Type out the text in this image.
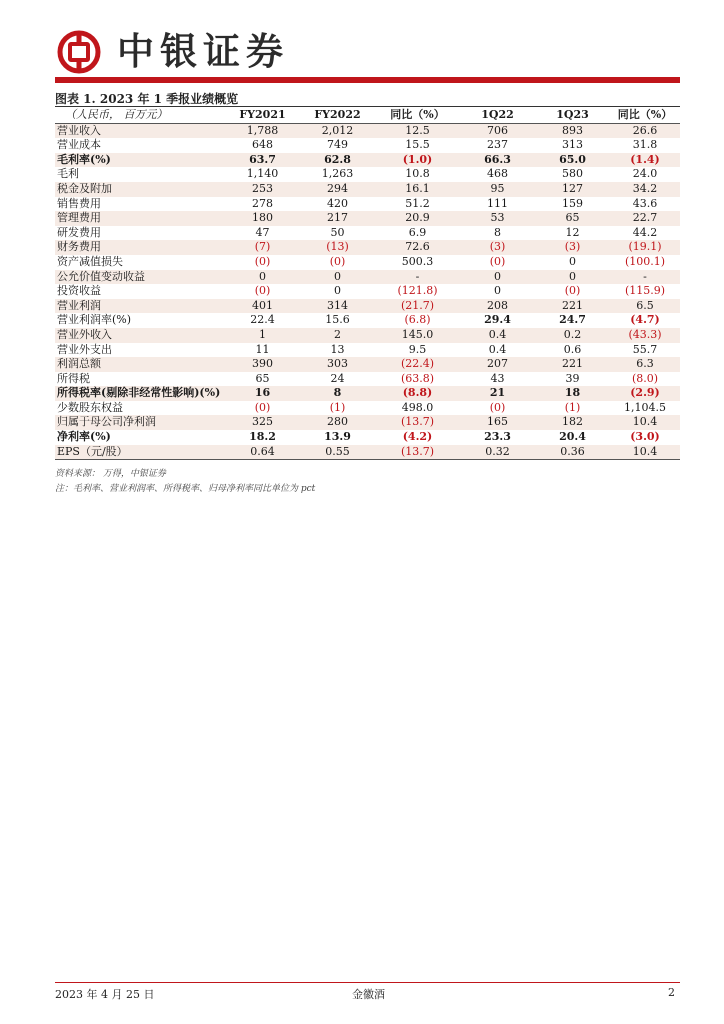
中银证券
图表 1. 2023 年 1 季报业绩概览
（人民币， 百万元）	FY2021	FY2022	同比（%）	1Q22	1Q23	同比（%）
营业收入	1,788	2,012	12.5	706	893	26.6
营业成本	648	749	15.5	237	313	31.8
毛利率(%)	63.7	62.8	(1.0)	66.3	65.0	(1.4)
毛利	1,140	1,263	10.8	468	580	24.0
税金及附加	253	294	16.1	95	127	34.2
销售费用	278	420	51.2	111	159	43.6
管理费用	180	217	20.9	53	65	22.7
研发费用	47	50	6.9	8	12	44.2
财务费用	(7)	(13)	72.6	(3)	(3)	(19.1)
资产减值损失	(0)	(0)	500.3	(0)	0	(100.1)
公允价值变动收益	0	0	-	0	0	-
投资收益	(0)	0	(121.8)	0	(0)	(115.9)
营业利润	401	314	(21.7)	208	221	6.5
营业利润率(%)	22.4	15.6	(6.8)	29.4	24.7	(4.7)
营业外收入	1	2	145.0	0.4	0.2	(43.3)
营业外支出	11	13	9.5	0.4	0.6	55.7
利润总额	390	303	(22.4)	207	221	6.3
所得税	65	24	(63.8)	43	39	(8.0)
所得税率(剔除非经常性影响)(%)	16	8	(8.8)	21	18	(2.9)
少数股东权益	(0)	(1)	498.0	(0)	(1)	1,104.5
归属于母公司净利润	325	280	(13.7)	165	182	10.4
净利率(%)	18.2	13.9	(4.2)	23.3	20.4	(3.0)
EPS（元/股）	0.64	0.55	(13.7)	0.32	0.36	10.4
资料来源： 万得，中银证券
注：毛利率、营业利润率、所得税率、归母净利率同比单位为 pct
2023 年 4 月 25 日	金徽酒	2
